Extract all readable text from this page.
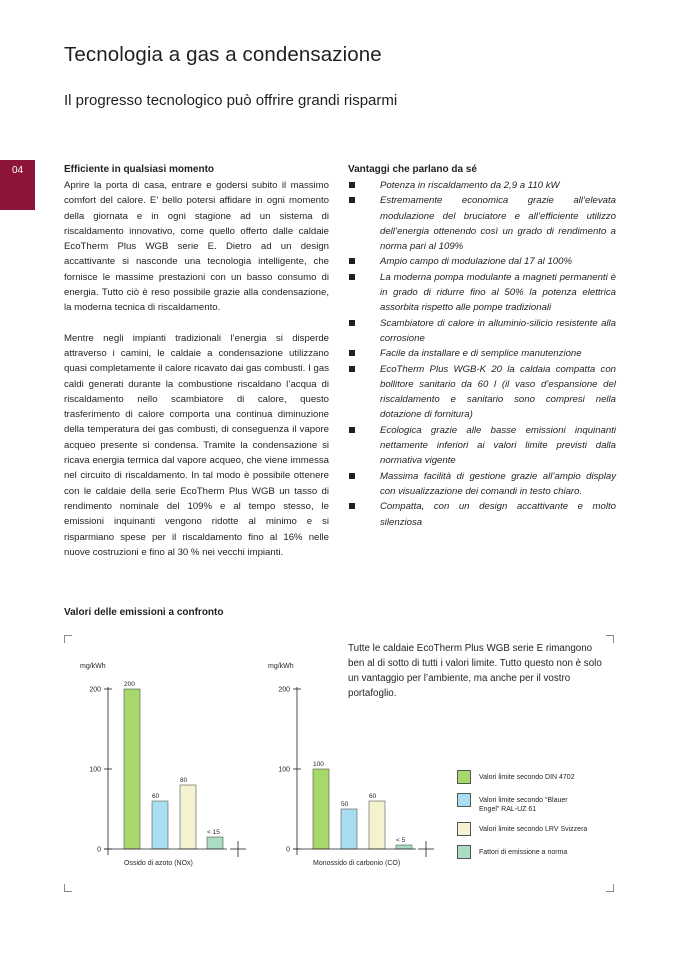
Tecnologia a gas a condensazione
Il progresso tecnologico può offrire grandi risparmi
04	Efficiente in qualsiasi momento

Aprire la porta di casa, entrare e godersi subito il massimo comfort del calore. E’ bello potersi affidare in ogni momento della giornata e in ogni stagione ad un sistema di riscaldamento innovativo, come quello offerto dalle caldaie EcoTherm Plus WGB serie E. Dietro ad un design accattivante si nasconde una tecnologia intelligente, che fornisce le massime prestazioni con un basso consumo di energia. Tutto ciò è reso possibile grazie alla condensazione, la moderna tecnica di riscaldamento.

Mentre negli impianti tradizionali l’energia si disperde attraverso i camini, le caldaie a condensazione utilizzano quasi completamente il calore ricavato dai gas combusti. I gas caldi generati durante la combustione riscaldano l’acqua di riscaldamento nello scambiatore di calore, questo trasferimento di calore comporta una continua diminuzione della temperatura dei gas combusti, di conseguenza il vapore acqueo presente si condensa. Tramite la condensazione si ricava energia termica dal vapore acqueo, che viene immessa nel circuito di riscaldamento. In tal modo è possibile ottenere con le caldaie della serie EcoTherm Plus WGB un tasso di rendimento nominale del 109% e al tempo stesso, le emissioni inquinanti vengono ridotte al minimo e si risparmiano spese per il riscaldamento fino al 16% nelle nuove costruzioni e fino al 30 % nei vecchi impianti.

Vantaggi che parlano da sé
Potenza in riscaldamento da 2,9 a 110 kW
Estremamente economica grazie all’elevata modulazione del bruciatore e all’efficiente utilizzo dell’energia ottenendo così un grado di rendimento a norma pari al 109%
Ampio campo di modulazione dal 17 al 100%
La moderna pompa modulante a magneti permanenti è in grado di ridurre fino al 50% la potenza elettrica assorbita rispetto alle pompe tradizionali
Scambiatore di calore in alluminio-silicio resistente alla corrosione
Facile da installare e di semplice manutenzione
EcoTherm Plus WGB-K 20 la caldaia compatta con bollitore sanitario da 60 l (il vaso d’espansione del riscaldamento e sanitario sono compresi nella dotazione di fornitura)
Ecologica grazie alle basse emissioni inquinanti nettamente inferiori ai valori limite previsti dalla normativa vigente
Massima facilità di gestione grazie all’ampio display con visualizzazione dei comandi in testo chiaro.
Compatta, con un design accattivante e molto silenziosa
Valori delle emissioni a confronto
Tutte le caldaie EcoTherm Plus WGB serie E rimangono ben al di sotto di tutti i valori limite. Tutto questo non è solo un vantaggio per l’ambiente, ma anche per il vostro portafoglio.
mg/kWh
0
100
200
200
60
80
< 15
Ossido di azoto (NOx)
mg/kWh
0
100
200
100
50
60
< 5
Monossido di carbonio (CO)
Valori limite secondo DIN 4702
Valori limite secondo “Blauer Engel” RAL-UZ 61
Valori limite secondo LRV Svizzera
Fattori di emissione a norma
